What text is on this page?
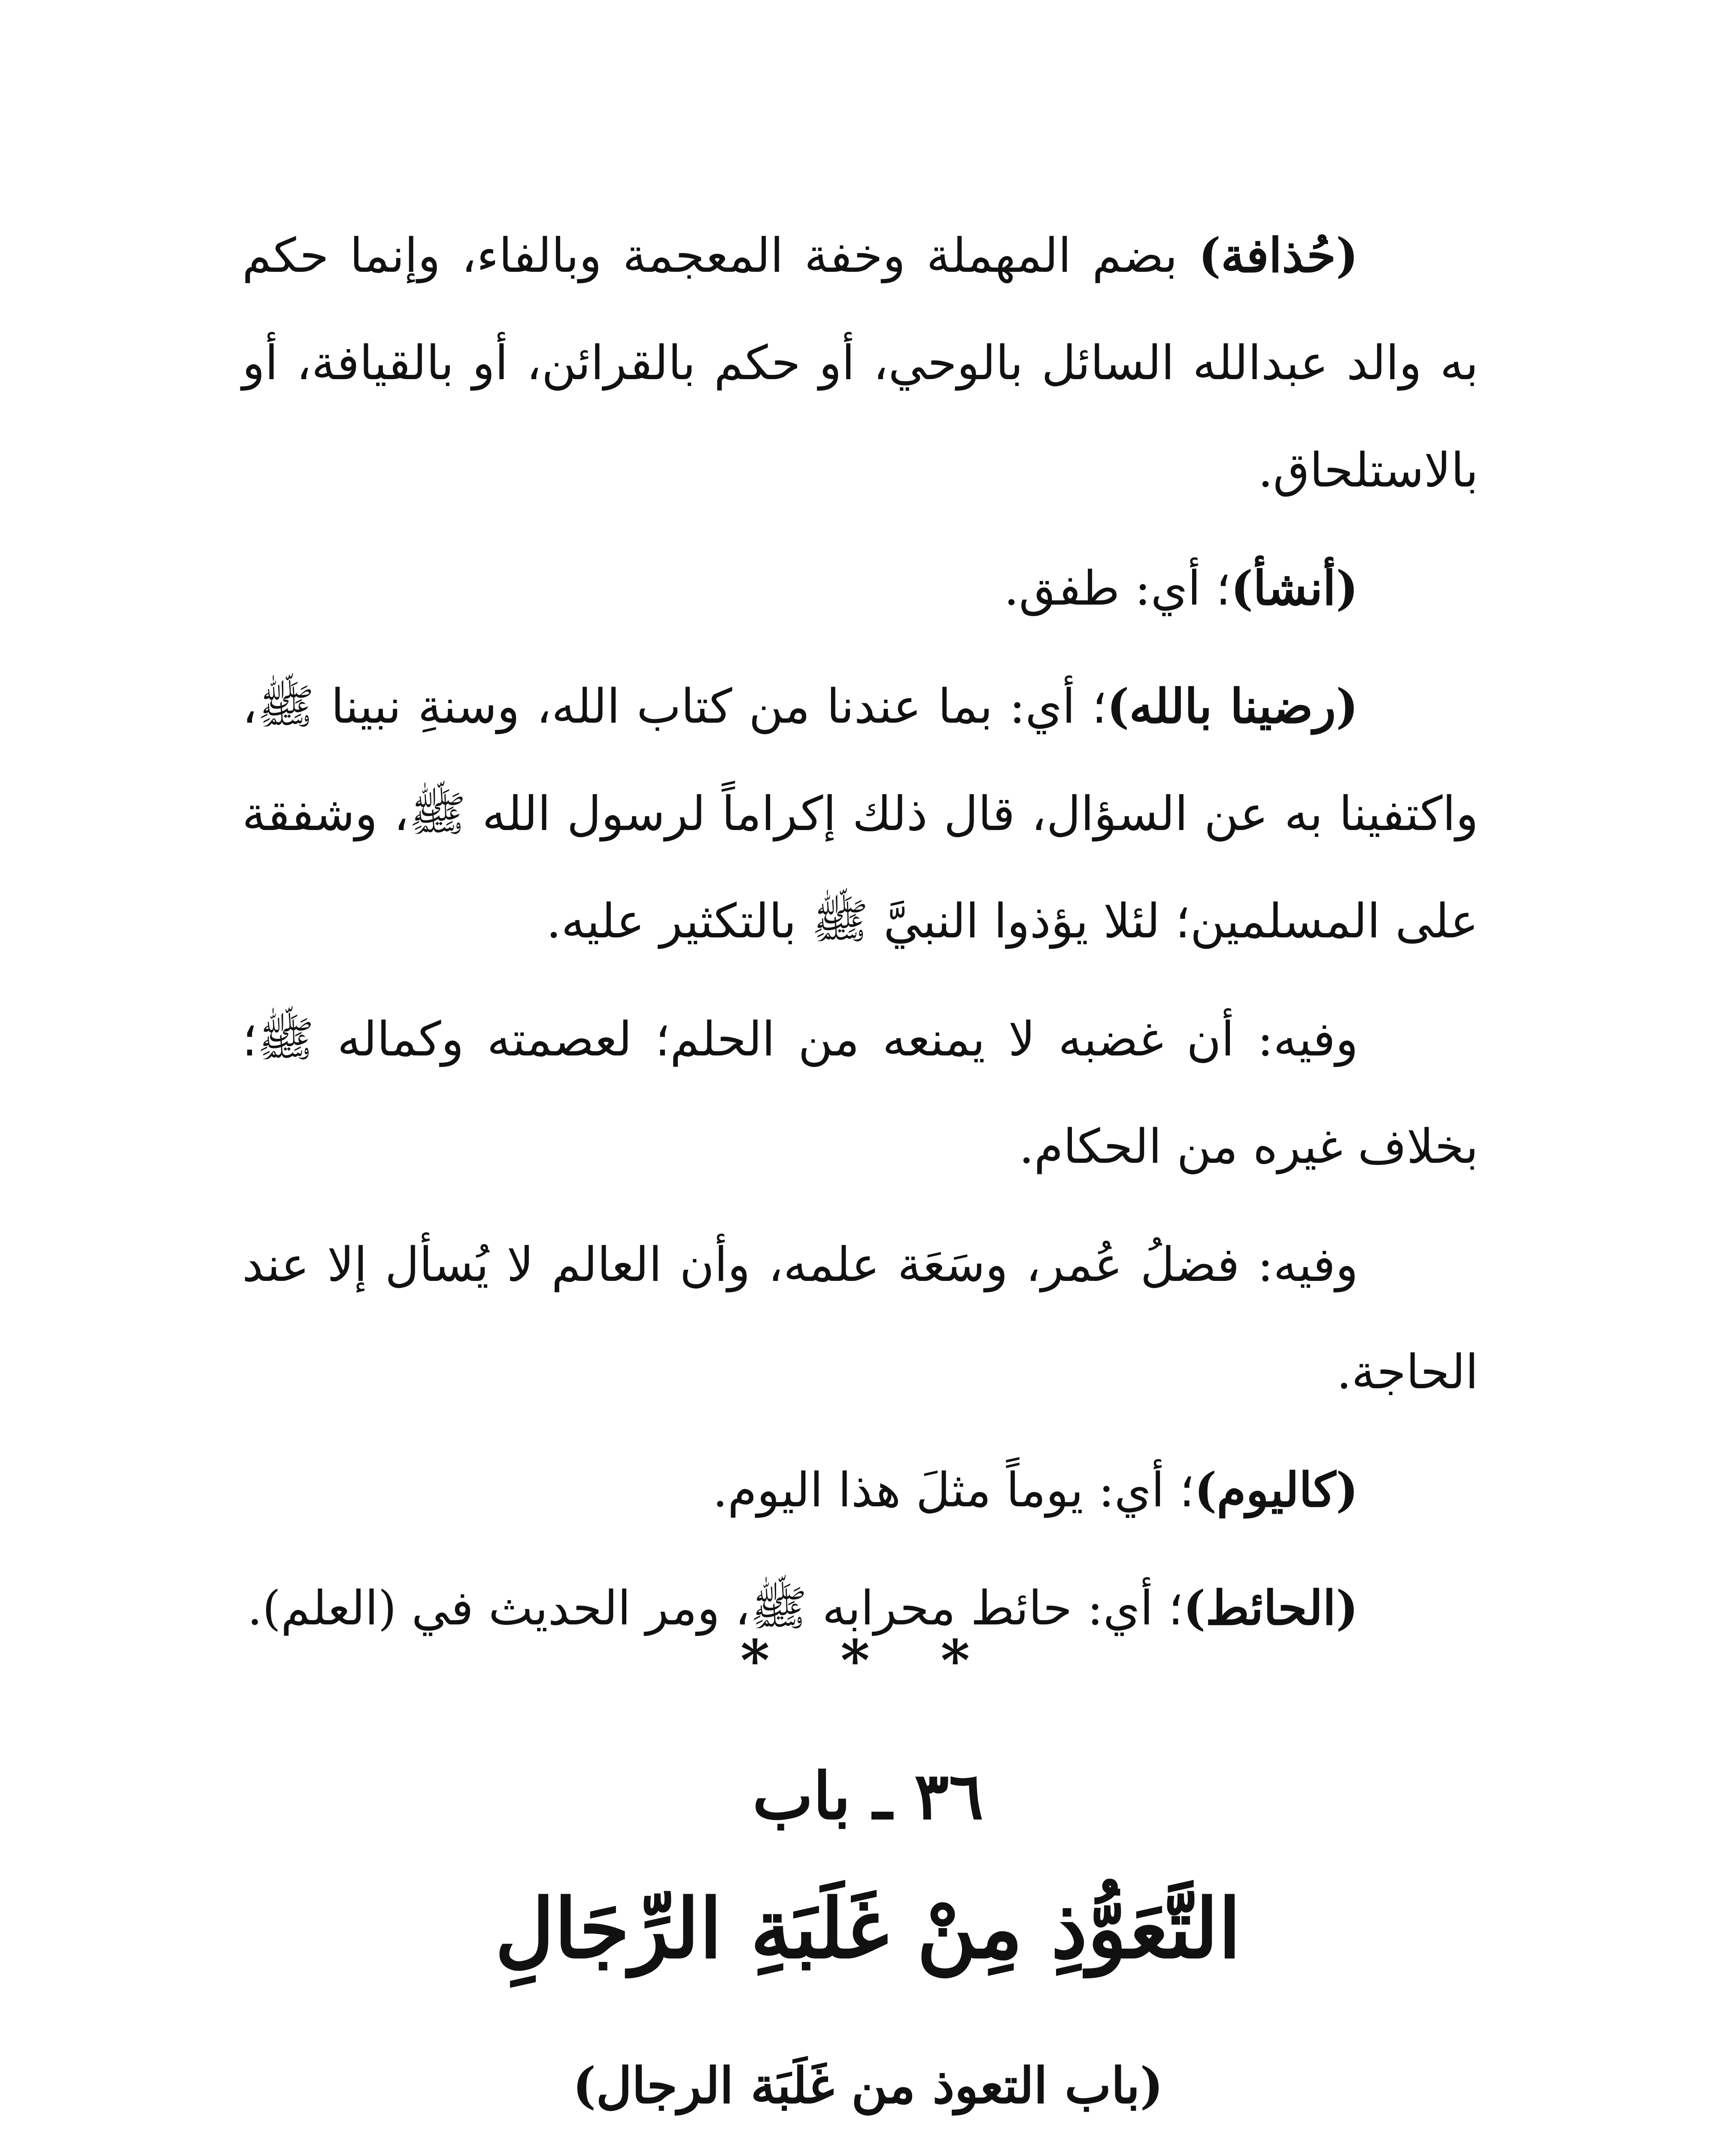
(حُذافة) بضم المهملة وخفة المعجمة وبالفاء، وإنما حكم به والد عبدالله السائل بالوحي، أو حكم بالقرائن، أو بالقيافة، أو بالاستلحاق.

(أنشأ)؛ أي: طفق.

(رضينا بالله)؛ أي: بما عندنا من كتاب الله، وسنةِ نبينا ﷺ، واكتفينا به عن السؤال، قال ذلك إكراماً لرسول الله ﷺ، وشفقة على المسلمين؛ لئلا يؤذوا النبيَّ ﷺ بالتكثير عليه.

وفيه: أن غضبه لا يمنعه من الحلم؛ لعصمته وكماله ﷺ؛ بخلاف غيره من الحكام.

وفيه: فضلُ عُمر، وسَعَة علمه، وأن العالم لا يُسأل إلا عند الحاجة.

(كاليوم)؛ أي: يوماً مثلَ هذا اليوم.

(الحائط)؛ أي: حائط محرابه ﷺ، ومر الحديث في (العلم).

* * *
٣٦ ـ باب
التَّعَوُّذِ مِنْ غَلَبَةِ الرِّجَالِ
(باب التعوذ من غَلَبَة الرجال)
